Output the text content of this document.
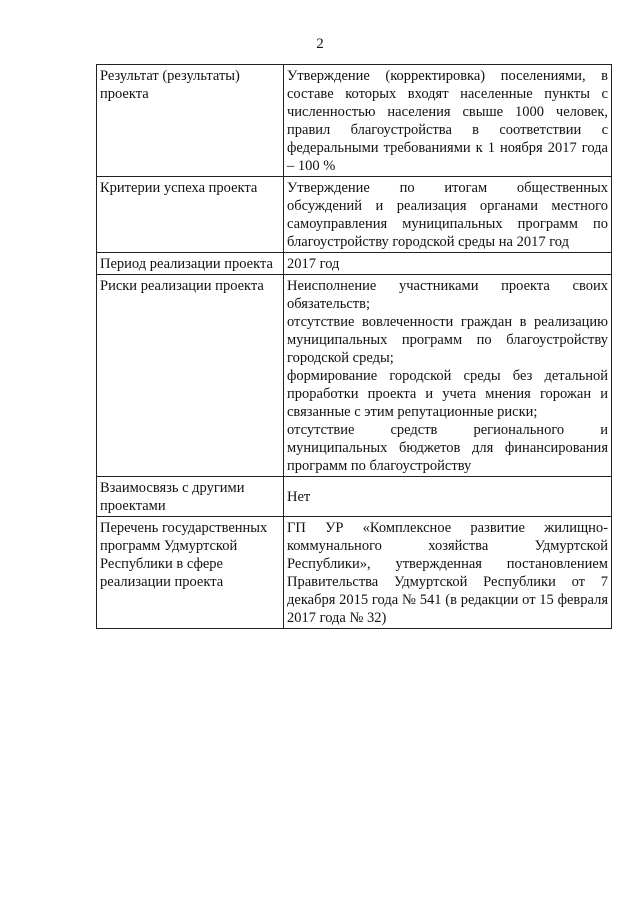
2
Результат (результаты) проекта	Утверждение (корректировка) поселениями, в составе которых входят населенные пункты с численностью населения свыше 1000 человек, правил благоустройства в соответствии с федеральными требованиями к 1 ноября 2017 года – 100 %

Критерии успеха проекта	Утверждение по итогам общественных обсуждений и реализация органами местного самоуправления муниципальных программ по благоустройству городской среды на 2017 год

Период реализации проекта	2017 год

Риски реализации проекта	Неисполнение участниками проекта своих обязательств;
отсутствие вовлеченности граждан в реализацию муниципальных программ по благоустройству городской среды;
формирование городской среды без детальной проработки проекта и учета мнения горожан и связанные с этим репутационные риски;
отсутствие средств регионального и муниципальных бюджетов для финансирования программ по благоустройству

Взаимосвязь с другими проектами	Нет

Перечень государственных программ Удмуртской Республики в сфере реализации проекта	ГП УР «Комплексное развитие жилищно-коммунального хозяйства Удмуртской Республики», утвержденная постановлением Правительства Удмуртской Республики от 7 декабря 2015 года № 541 (в редакции от 15 февраля 2017 года № 32)
